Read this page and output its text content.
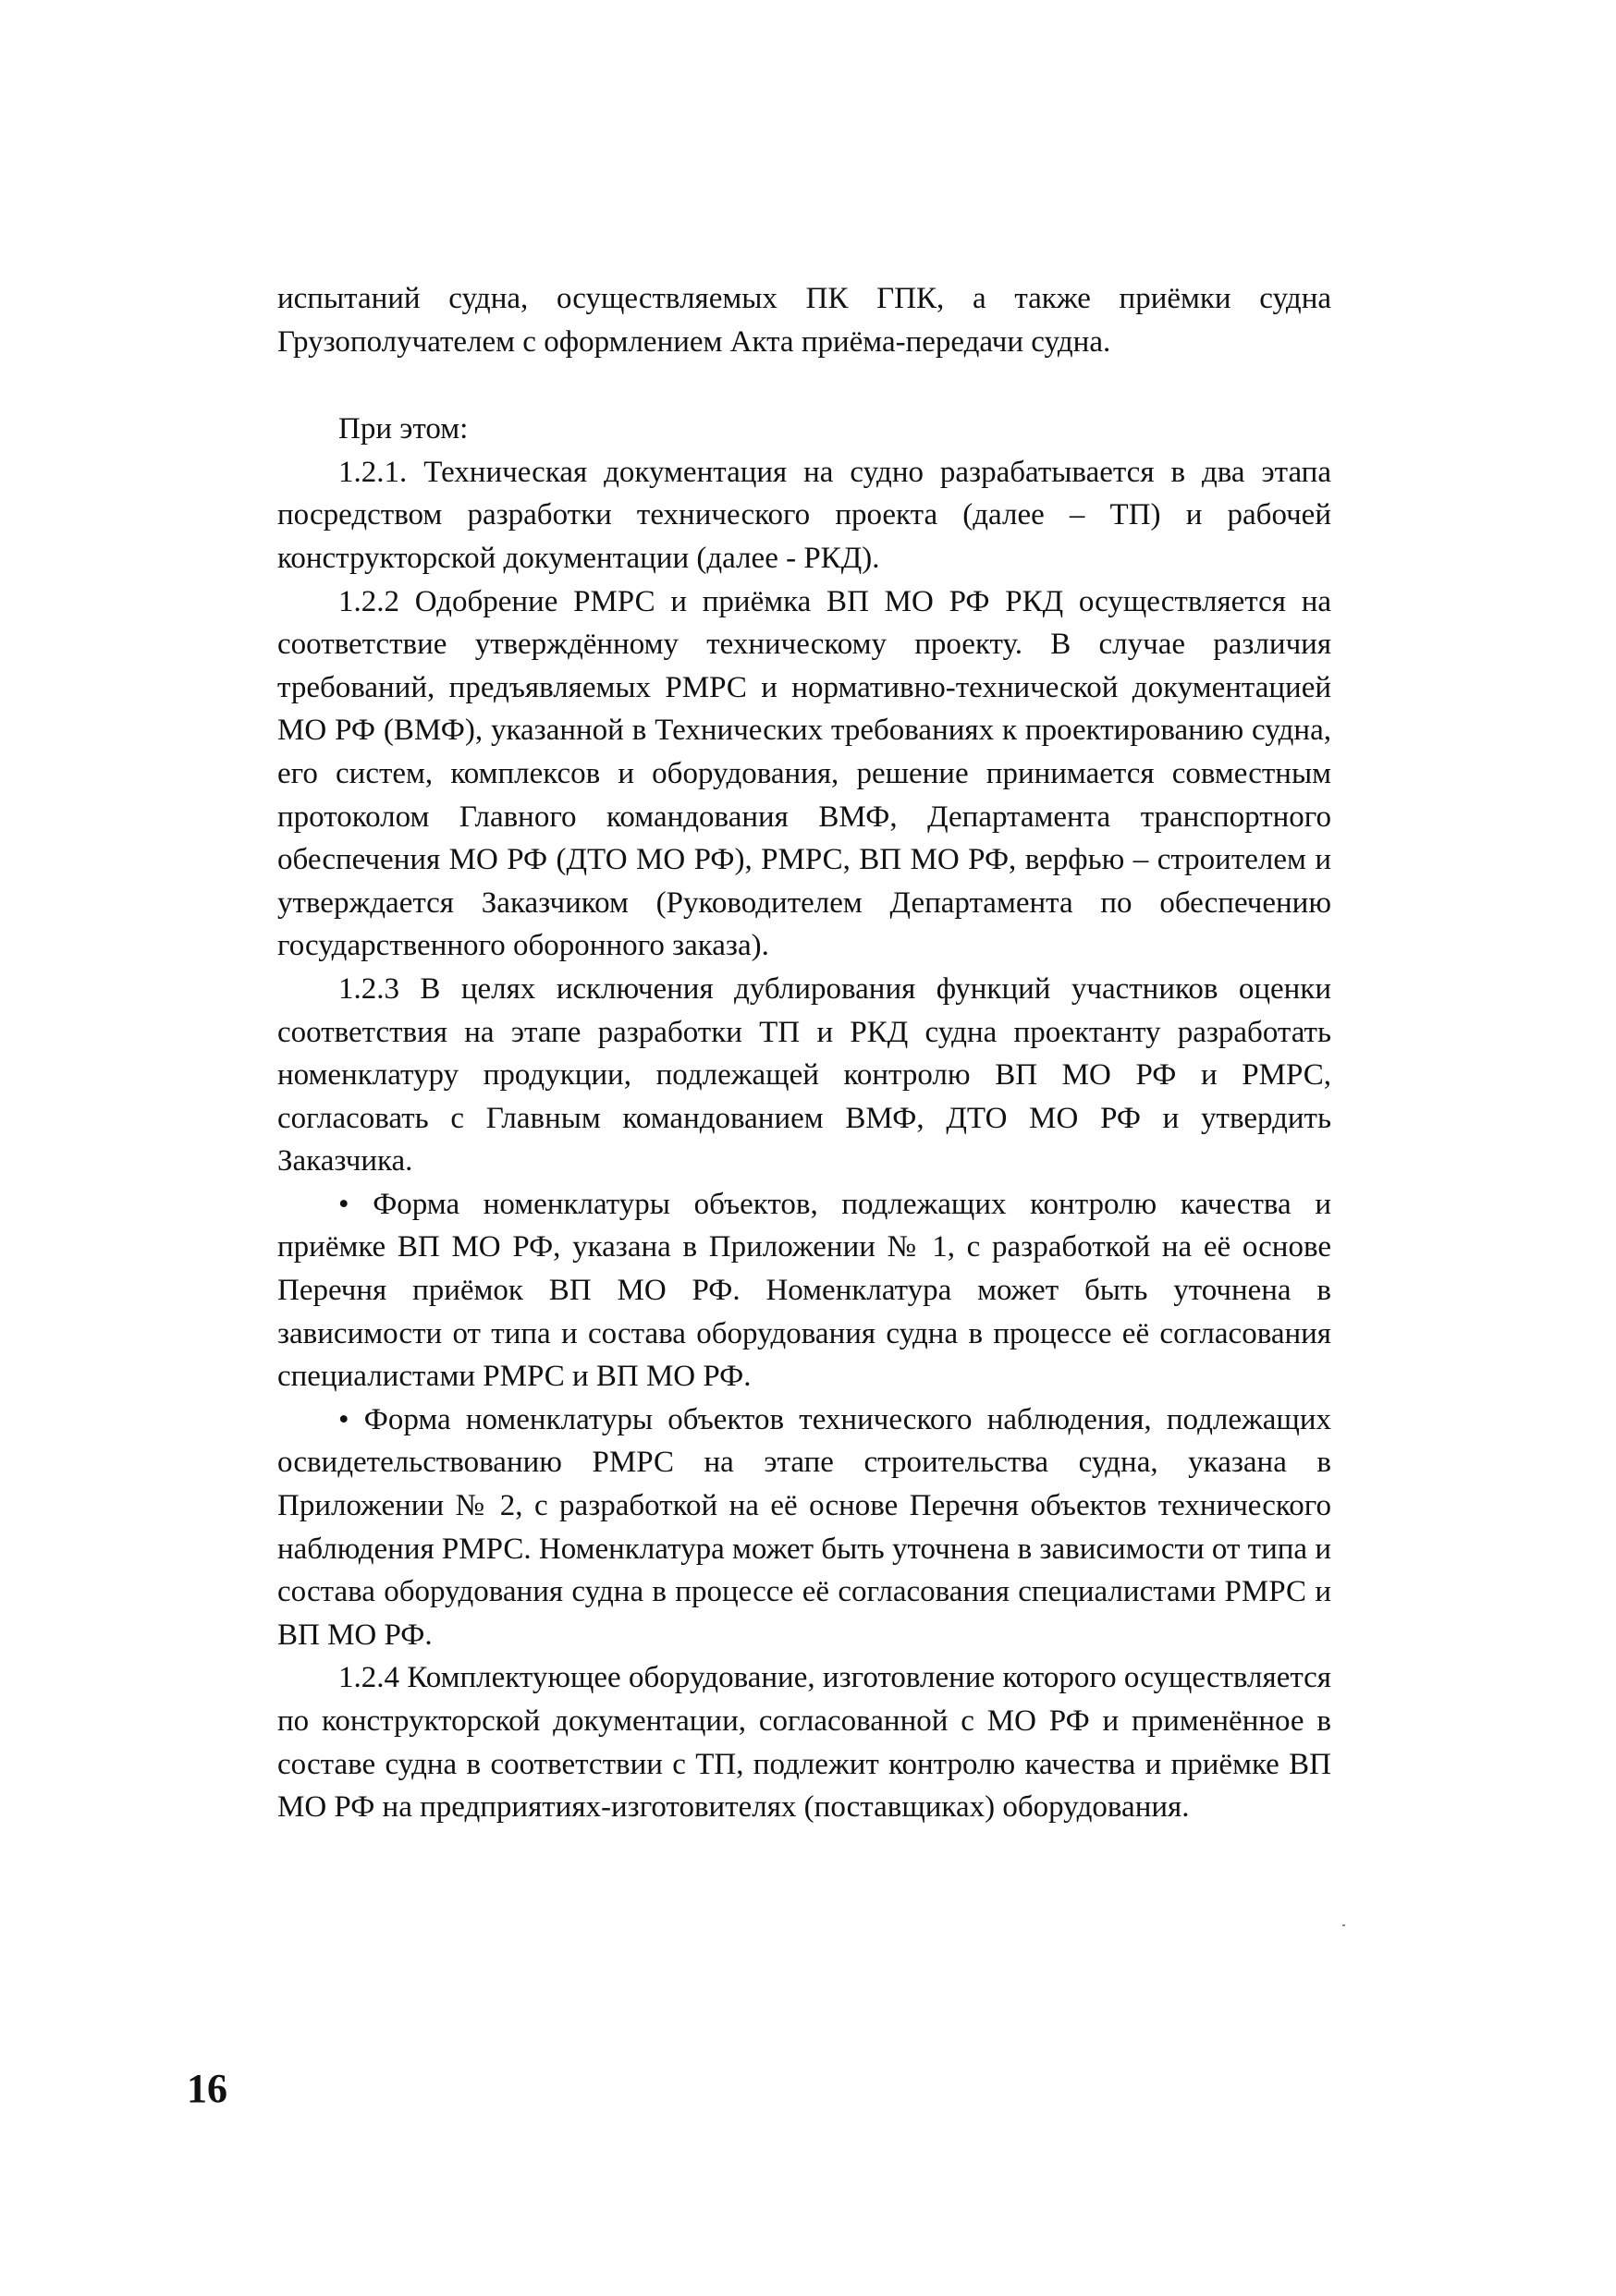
испытаний судна, осуществляемых ПК ГПК, а также приёмки судна Грузополучателем с оформлением Акта приёма-передачи судна.

При этом:

1.2.1. Техническая документация на судно разрабатывается в два этапа посредством разработки технического проекта (далее – ТП) и рабочей конструкторской документации (далее - РКД).

1.2.2 Одобрение РМРС и приёмка ВП МО РФ РКД осуществляется на соответствие утверждённому техническому проекту. В случае различия требований, предъявляемых РМРС и нормативно-технической документацией МО РФ (ВМФ), указанной в Технических требованиях к проектированию судна, его систем, комплексов и оборудования, решение принимается совместным протоколом Главного командования ВМФ, Департамента транспортного обеспечения МО РФ (ДТО МО РФ), РМРС, ВП МО РФ, верфью – строителем и утверждается Заказчиком (Руководителем Департамента по обеспечению государственного оборонного заказа).

1.2.3 В целях исключения дублирования функций участников оценки соответствия на этапе разработки ТП и РКД судна проектанту разработать номенклатуру продукции, подлежащей контролю ВП МО РФ и РМРС, согласовать с Главным командованием ВМФ, ДТО МО РФ и утвердить Заказчика.

• Форма номенклатуры объектов, подлежащих контролю качества и приёмке ВП МО РФ, указана в Приложении № 1, с разработкой на её основе Перечня приёмок ВП МО РФ. Номенклатура может быть уточнена в зависимости от типа и состава оборудования судна в процессе её согласования специалистами РМРС и ВП МО РФ.

• Форма номенклатуры объектов технического наблюдения, подлежащих освидетельствованию РМРС на этапе строительства судна, указана в Приложении № 2, с разработкой на её основе Перечня объектов технического наблюдения РМРС. Номенклатура может быть уточнена в зависимости от типа и состава оборудования судна в процессе её согласования специалистами РМРС и ВП МО РФ.

1.2.4 Комплектующее оборудование, изготовление которого осуществляется по конструкторской документации, согласованной с МО РФ и применённое в составе судна в соответствии с ТП, подлежит контролю качества и приёмке ВП МО РФ на предприятиях-изготовителях (поставщиках) оборудования.

16
